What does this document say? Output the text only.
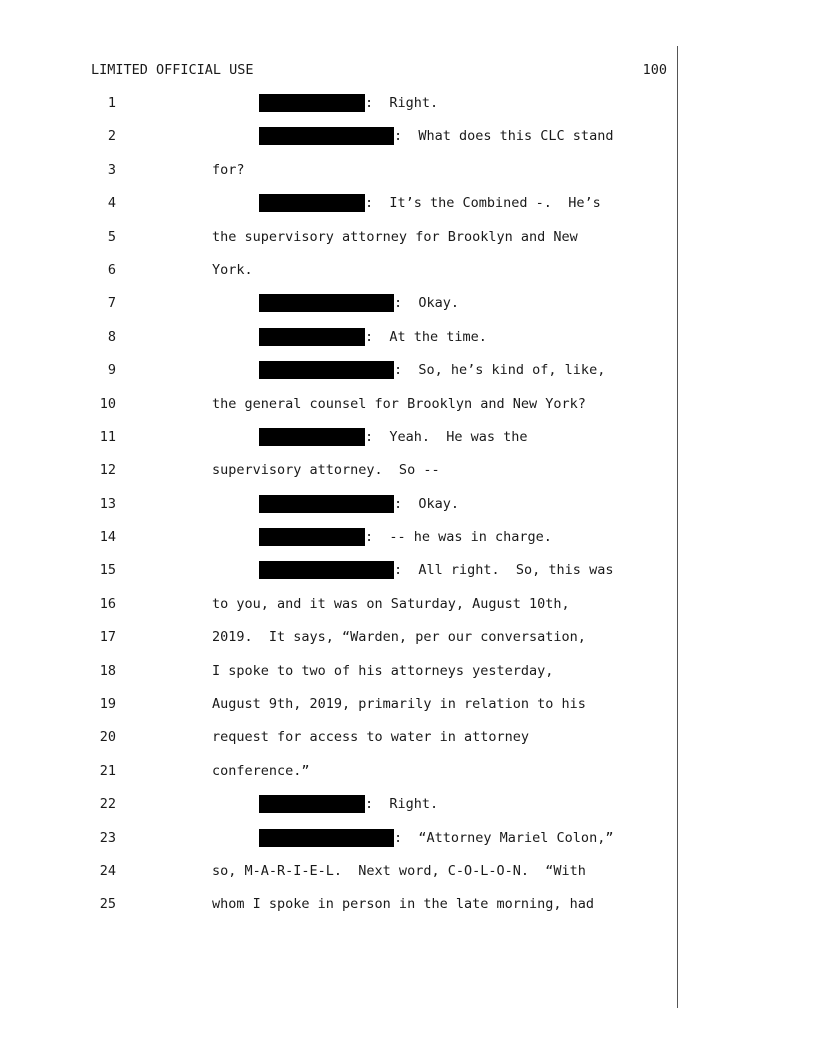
LIMITED OFFICIAL USE	100
1	:  Right.
2	:  What does this CLC stand
3	for?
4	:  It’s the Combined -.  He’s
5	the supervisory attorney for Brooklyn and New
6	York.
7	:  Okay.
8	:  At the time.
9	:  So, he’s kind of, like,
10	the general counsel for Brooklyn and New York?
11	:  Yeah.  He was the
12	supervisory attorney.  So --
13	:  Okay.
14	:  -- he was in charge.
15	:  All right.  So, this was
16	to you, and it was on Saturday, August 10th,
17	2019.  It says, “Warden, per our conversation,
18	I spoke to two of his attorneys yesterday,
19	August 9th, 2019, primarily in relation to his
20	request for access to water in attorney
21	conference.”
22	:  Right.
23	:  “Attorney Mariel Colon,”
24	so, M-A-R-I-E-L.  Next word, C-O-L-O-N.  “With
25	whom I spoke in person in the late morning, had
